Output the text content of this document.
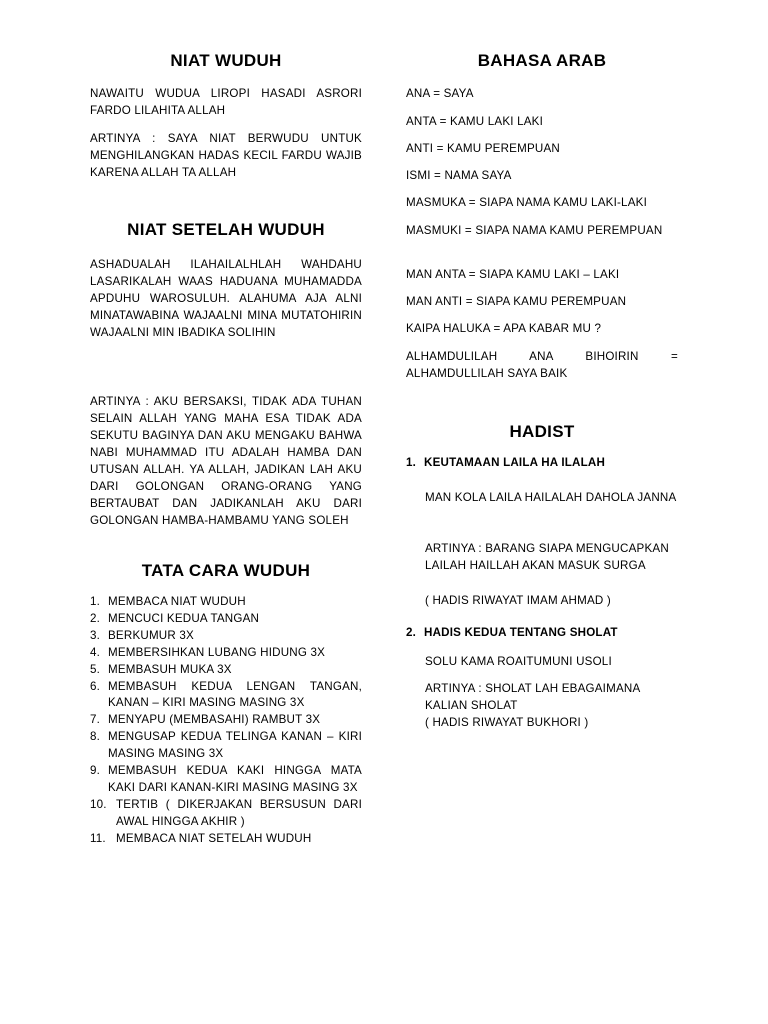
NIAT WUDUH

NAWAITU WUDUA LIROPI HASADI ASRORI FARDO LILAHITA ALLAH

ARTINYA : SAYA NIAT BERWUDU UNTUK MENGHILANGKAN HADAS KECIL FARDU WAJIB KARENA ALLAH TA ALLAH

NIAT SETELAH WUDUH

ASHADUALAH ILAHAILALHLAH WAHDAHU LASARIKALAH WAAS HADUANA MUHAMADDA APDUHU WAROSULUH. ALAHUMA AJA ALNI MINATAWABINA WAJAALNI MINA MUTATOHIRIN WAJAALNI MIN IBADIKA SOLIHIN

ARTINYA : AKU BERSAKSI, TIDAK ADA TUHAN SELAIN ALLAH YANG MAHA ESA TIDAK ADA SEKUTU BAGINYA DAN AKU MENGAKU BAHWA NABI MUHAMMAD ITU ADALAH HAMBA DAN UTUSAN ALLAH. YA ALLAH, JADIKAN LAH AKU DARI GOLONGAN ORANG-ORANG YANG BERTAUBAT DAN JADIKANLAH AKU DARI GOLONGAN HAMBA-HAMBAMU YANG SOLEH

TATA CARA WUDUH
1. MEMBACA NIAT WUDUH
2. MENCUCI KEDUA TANGAN
3. BERKUMUR 3X
4. MEMBERSIHKAN LUBANG HIDUNG 3X
5. MEMBASUH MUKA 3X
6. MEMBASUH KEDUA LENGAN TANGAN, KANAN – KIRI MASING MASING 3X
7. MENYAPU (MEMBASAHI) RAMBUT 3X
8. MENGUSAP KEDUA TELINGA KANAN – KIRI MASING MASING 3X
9. MEMBASUH KEDUA KAKI HINGGA MATA KAKI DARI KANAN-KIRI MASING MASING 3X
10. TERTIB ( DIKERJAKAN BERSUSUN DARI AWAL HINGGA AKHIR )
11. MEMBACA NIAT SETELAH WUDUH
BAHASA ARAB

ANA = SAYA

ANTA = KAMU LAKI LAKI

ANTI = KAMU PEREMPUAN

ISMI = NAMA SAYA

MASMUKA = SIAPA NAMA KAMU LAKI-LAKI

MASMUKI = SIAPA NAMA KAMU PEREMPUAN

MAN ANTA = SIAPA KAMU LAKI – LAKI

MAN ANTI = SIAPA KAMU PEREMPUAN

KAIPA HALUKA = APA KABAR MU ?

ALHAMDULILAH ANA BIHOIRIN = ALHAMDULLILAH SAYA BAIK

HADIST
1. KEUTAMAAN LAILA HA ILALAH

MAN KOLA LAILA HAILALAH DAHOLA JANNA

ARTINYA : BARANG SIAPA MENGUCAPKAN LAILAH HAILLAH AKAN MASUK SURGA

( HADIS RIWAYAT IMAM AHMAD )

2. HADIS KEDUA TENTANG SHOLAT

SOLU KAMA ROAITUMUNI USOLI

ARTINYA : SHOLAT LAH EBAGAIMANA KALIAN SHOLAT

( HADIS RIWAYAT BUKHORI )
